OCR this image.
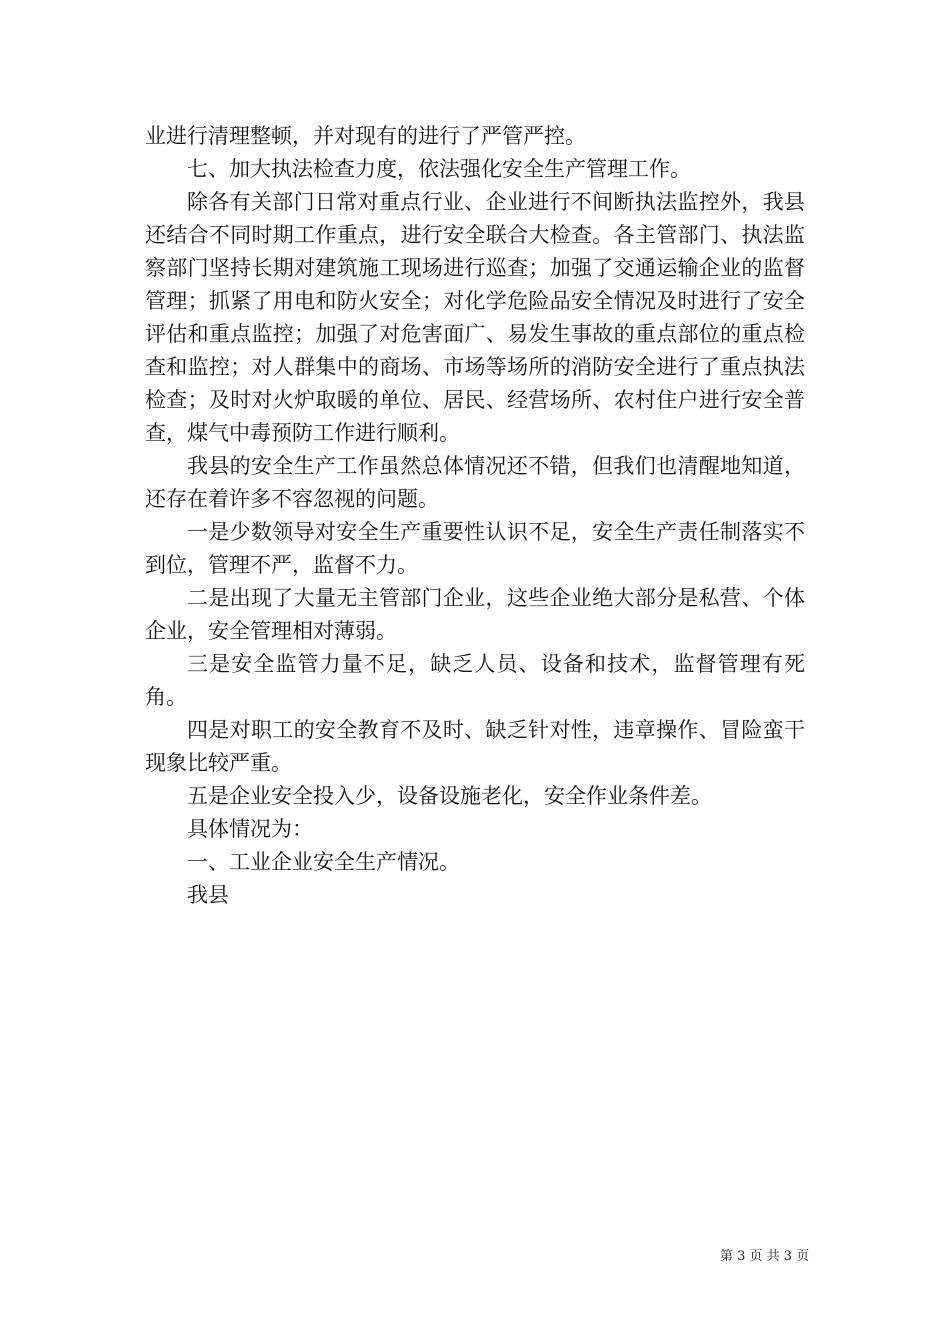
业进行清理整顿，并对现有的进行了严管严控。

七、加大执法检查力度，依法强化安全生产管理工作。

除各有关部门日常对重点行业、企业进行不间断执法监控外，我县还结合不同时期工作重点，进行安全联合大检查。各主管部门、执法监察部门坚持长期对建筑施工现场进行巡查；加强了交通运输企业的监督管理；抓紧了用电和防火安全；对化学危险品安全情况及时进行了安全评估和重点监控；加强了对危害面广、易发生事故的重点部位的重点检查和监控；对人群集中的商场、市场等场所的消防安全进行了重点执法检查；及时对火炉取暖的单位、居民、经营场所、农村住户进行安全普查，煤气中毒预防工作进行顺利。

我县的安全生产工作虽然总体情况还不错，但我们也清醒地知道，还存在着许多不容忽视的问题。

一是少数领导对安全生产重要性认识不足，安全生产责任制落实不到位，管理不严，监督不力。

二是出现了大量无主管部门企业，这些企业绝大部分是私营、个体企业，安全管理相对薄弱。

三是安全监管力量不足，缺乏人员、设备和技术，监督管理有死角。

四是对职工的安全教育不及时、缺乏针对性，违章操作、冒险蛮干现象比较严重。

五是企业安全投入少，设备设施老化，安全作业条件差。

具体情况为：

一、工业企业安全生产情况。

我县

第 3 页 共 3 页
